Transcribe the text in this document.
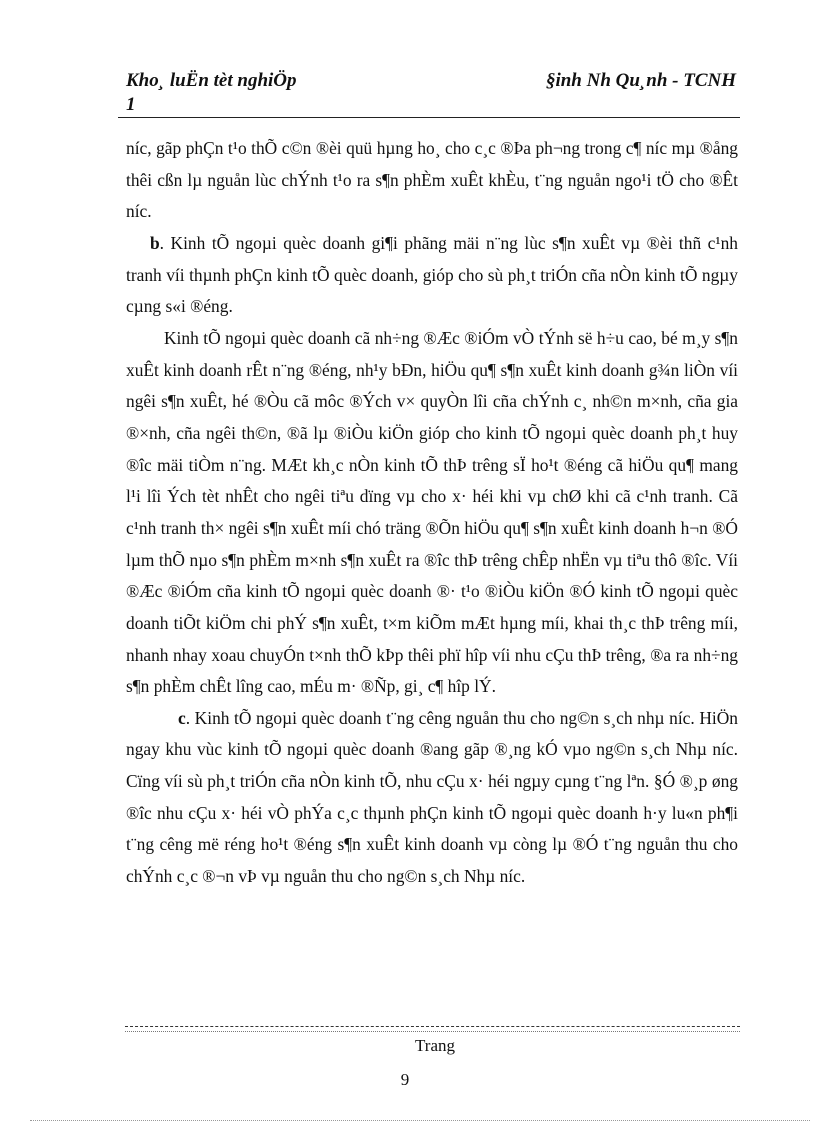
Kho¸ luËn tèt nghiÖp	§inh Nh Qu¸nh - TCNH
1

níc, gãp phÇn t¹o thÕ c©n ®èi quü hµng ho¸ cho c¸c ®Þa ph¬ng trong c¶ níc mµ ®ång thêi cßn lµ nguån lùc chÝnh t¹o ra s¶n phÈm xuÊt khÈu, t¨ng nguån ngo¹i tÖ cho ®Êt níc.

b. Kinh tÕ ngoµi quèc doanh gi¶i phãng mäi n¨ng lùc s¶n xuÊt vµ ®èi thñ c¹nh tranh víi thµnh phÇn kinh tÕ quèc doanh, gióp cho sù ph¸t triÓn cña nÒn kinh tÕ ngµy cµng s«i ®éng.

Kinh tÕ ngoµi quèc doanh cã nh÷ng ®Æc ®iÓm vÒ tÝnh së h÷u cao, bé m¸y s¶n xuÊt kinh doanh rÊt n¨ng ®éng, nh¹y bÐn, hiÖu qu¶ s¶n xuÊt kinh doanh g¾n liÒn víi ngêi s¶n xuÊt, hé ®Òu cã môc ®Ých v× quyÒn lîi cña chÝnh c¸ nh©n m×nh, cña gia ®×nh, cña ngêi th©n, ®ã lµ ®iÒu kiÖn gióp cho kinh tÕ ngoµi quèc doanh ph¸t huy ®îc mäi tiÒm n¨ng. MÆt kh¸c nÒn kinh tÕ thÞ trêng sÏ ho¹t ®éng cã hiÖu qu¶ mang l¹i lîi Ých tèt nhÊt cho ngêi tiªu dïng vµ cho x· héi khi vµ chØ khi cã c¹nh tranh. Cã c¹nh tranh th× ngêi s¶n xuÊt míi chó träng ®Õn hiÖu qu¶ s¶n xuÊt kinh doanh h¬n ®Ó lµm thÕ nµo s¶n phÈm m×nh s¶n xuÊt ra ®îc thÞ trêng chÊp nhËn vµ tiªu thô ®îc. Víi ®Æc ®iÓm cña kinh tÕ ngoµi quèc doanh ®· t¹o ®iÒu kiÖn ®Ó kinh tÕ ngoµi quèc doanh tiÕt kiÖm chi phÝ s¶n xuÊt, t×m kiÕm mÆt hµng míi, khai th¸c thÞ trêng míi, nhanh nhay xoau chuyÓn t×nh thÕ kÞp thêi phï hîp víi nhu cÇu thÞ trêng, ®a ra nh÷ng s¶n phÈm chÊt lîng cao, mÉu m· ®Ñp, gi¸ c¶ hîp lÝ.

c. Kinh tÕ ngoµi quèc doanh t¨ng cêng nguån thu cho ng©n s¸ch nhµ níc. HiÖn ngay khu vùc kinh tÕ ngoµi quèc doanh ®ang gãp ®¸ng kÓ vµo ng©n s¸ch Nhµ níc. Cïng víi sù ph¸t triÓn cña nÒn kinh tÕ, nhu cÇu x· héi ngµy cµng t¨ng lªn. §Ó ®¸p øng ®îc nhu cÇu x· héi vÒ phÝa c¸c thµnh phÇn kinh tÕ ngoµi quèc doanh h·y lu«n ph¶i t¨ng cêng më réng ho¹t ®éng s¶n xuÊt kinh doanh vµ còng lµ ®Ó t¨ng nguån thu cho chÝnh c¸c ®¬n vÞ vµ nguån thu cho ng©n s¸ch Nhµ níc.

Trang
9
